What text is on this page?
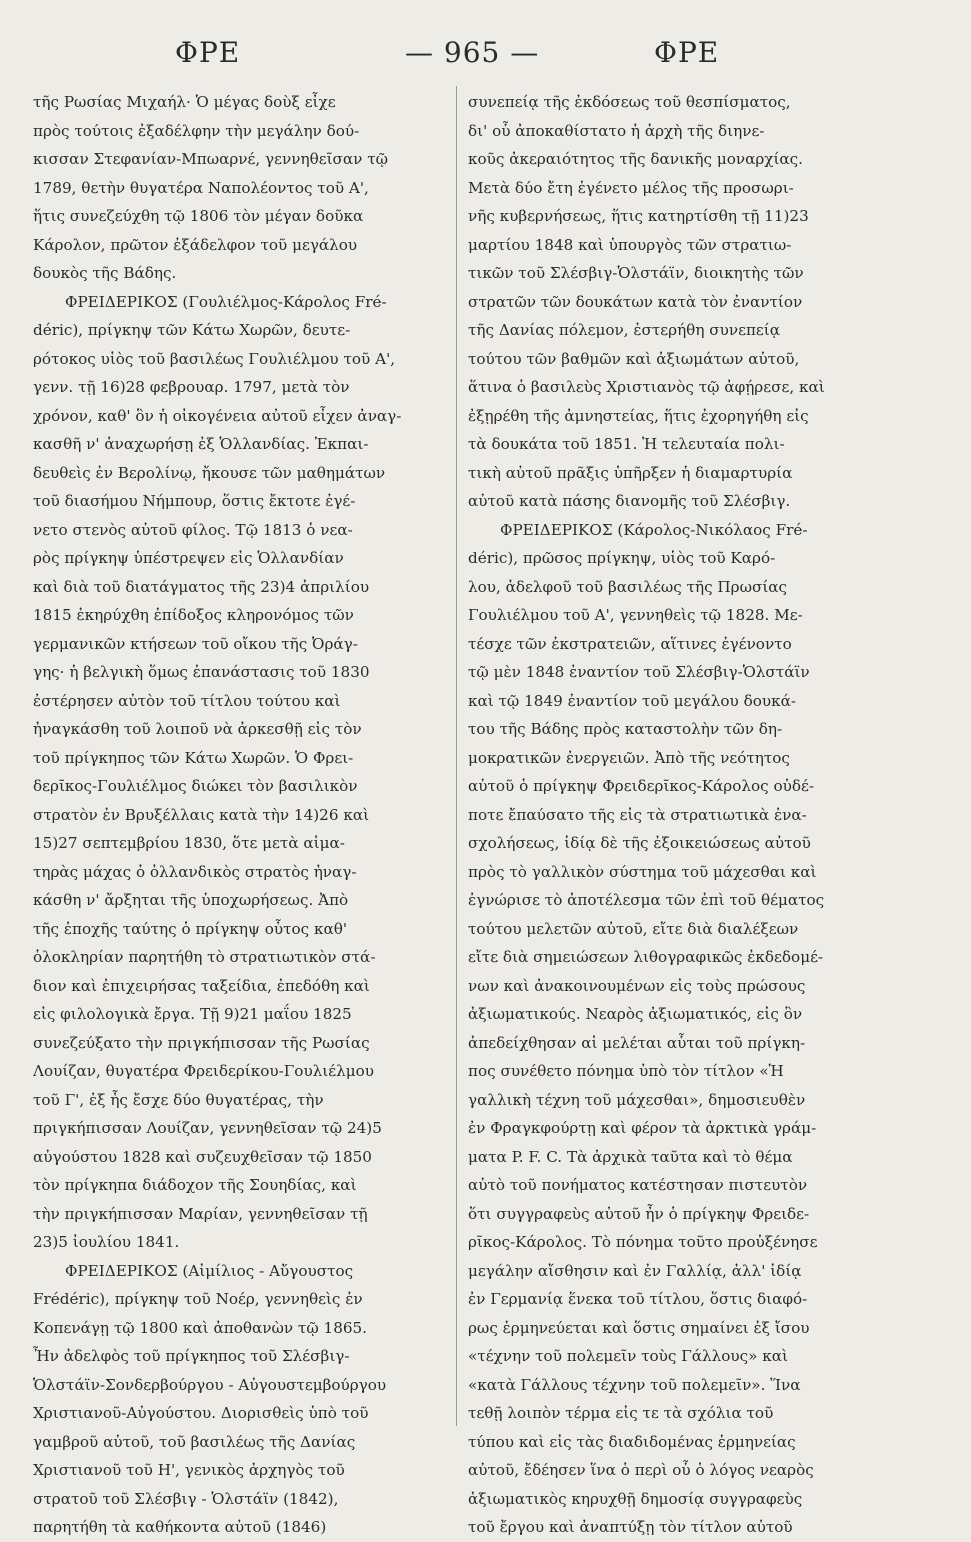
ΦΡΕ	— 965 —	ΦΡΕ
τῆς Ρωσίας Μιχαήλ· Ὁ μέγας δοὺξ εἶχε
πρὸς τούτοις ἐξαδέλφην τὴν μεγάλην δού-
κισσαν Στεφανίαν-Μπωαρνέ, γεννηθεῖσαν τῷ
1789, θετὴν θυγατέρα Ναπολέοντος τοῦ Α',
ἥτις συνεζεύχθη τῷ 1806 τὸν μέγαν δοῦκα
Κάρολον, πρῶτον ἐξάδελφον τοῦ μεγάλου
δουκὸς τῆς Βάδης.
ΦΡΕΙΔΕΡΙΚΟΣ (Γουλιέλμος-Κάρολος Fré-
déric), πρίγκηψ τῶν Κάτω Χωρῶν, δευτε-
ρότοκος υἱὸς τοῦ βασιλέως Γουλιέλμου τοῦ Α',
γενν. τῇ 16)28 φεβρουαρ. 1797, μετὰ τὸν
χρόνον, καθ' ὃν ἡ οἰκογένεια αὐτοῦ εἶχεν ἀναγ-
κασθῆ ν' ἀναχωρήσῃ ἐξ Ὁλλανδίας. Ἐκπαι-
δευθεὶς ἐν Βερολίνῳ, ἤκουσε τῶν μαθημάτων
τοῦ διασήμου Νήμπουρ, ὅστις ἔκτοτε ἐγέ-
νετο στενὸς αὐτοῦ φίλος. Τῷ 1813 ὁ νεα-
ρὸς πρίγκηψ ὑπέστρεψεν εἰς Ὁλλανδίαν
καὶ διὰ τοῦ διατάγματος τῆς 23)4 ἀπριλίου
1815 ἐκηρύχθη ἐπίδοξος κληρονόμος τῶν
γερμανικῶν κτήσεων τοῦ οἴκου τῆς Ὀράγ-
γης· ἡ βελγικὴ ὅμως ἐπανάστασις τοῦ 1830
ἐστέρησεν αὐτὸν τοῦ τίτλου τούτου καὶ
ἠναγκάσθη τοῦ λοιποῦ νὰ ἀρκεσθῇ εἰς τὸν
τοῦ πρίγκηπος τῶν Κάτω Χωρῶν. Ὁ Φρει-
δερῖκος-Γουλιέλμος διώκει τὸν βασιλικὸν
στρατὸν ἐν Βρυξέλλαις κατὰ τὴν 14)26 καὶ
15)27 σεπτεμβρίου 1830, ὅτε μετὰ αἱμα-
τηρὰς μάχας ὁ ὁλλανδικὸς στρατὸς ἠναγ-
κάσθη ν' ἄρξηται τῆς ὑποχωρήσεως. Ἀπὸ
τῆς ἐποχῆς ταύτης ὁ πρίγκηψ οὗτος καθ'
ὁλοκληρίαν παρητήθη τὸ στρατιωτικὸν στά-
διον καὶ ἐπιχειρήσας ταξείδια, ἐπεδόθη καὶ
εἰς φιλολογικὰ ἔργα. Τῇ 9)21 μαΐου 1825
συνεζεύξατο τὴν πριγκήπισσαν τῆς Ρωσίας
Λουίζαν, θυγατέρα Φρειδερίκου-Γουλιέλμου
τοῦ Γ', ἐξ ἧς ἔσχε δύο θυγατέρας, τὴν
πριγκήπισσαν Λουίζαν, γεννηθεῖσαν τῷ 24)5
αὐγούστου 1828 καὶ συζευχθεῖσαν τῷ 1850
τὸν πρίγκηπα διάδοχον τῆς Σουηδίας, καὶ
τὴν πριγκήπισσαν Μαρίαν, γεννηθεῖσαν τῇ
23)5 ἰουλίου 1841.
ΦΡΕΙΔΕΡΙΚΟΣ (Αἰμίλιος - Αὔγουστος
Frédéric), πρίγκηψ τοῦ Νοέρ, γεννηθεὶς ἐν
Κοπενάγῃ τῷ 1800 καὶ ἀποθανὼν τῷ 1865.
Ἦν ἀδελφὸς τοῦ πρίγκηπος τοῦ Σλέσβιγ-
Ὁλστάϊν-Σονδερβούργου - Αὐγουστεμβούργου
Χριστιανοῦ-Αὐγούστου. Διορισθεὶς ὑπὸ τοῦ
γαμβροῦ αὐτοῦ, τοῦ βασιλέως τῆς Δανίας
Χριστιανοῦ τοῦ Η', γενικὸς ἀρχηγὸς τοῦ
στρατοῦ τοῦ Σλέσβιγ - Ὁλστάϊν (1842),
παρητήθη τὰ καθήκοντα αὐτοῦ (1846)
συνεπείᾳ τῆς ἐκδόσεως τοῦ θεσπίσματος,
δι' οὗ ἀποκαθίστατο ἡ ἀρχὴ τῆς διηνε-
κοῦς ἀκεραιότητος τῆς δανικῆς μοναρχίας.
Μετὰ δύο ἔτη ἐγένετο μέλος τῆς προσωρι-
νῆς κυβερνήσεως, ἥτις κατηρτίσθη τῇ 11)23
μαρτίου 1848 καὶ ὑπουργὸς τῶν στρατιω-
τικῶν τοῦ Σλέσβιγ-Ὁλστάϊν, διοικητὴς τῶν
στρατῶν τῶν δουκάτων κατὰ τὸν ἐναντίον
τῆς Δανίας πόλεμον, ἐστερήθη συνεπείᾳ
τούτου τῶν βαθμῶν καὶ ἀξιωμάτων αὐτοῦ,
ἅτινα ὁ βασιλεὺς Χριστιανὸς τῷ ἀφῄρεσε, καὶ
ἐξῃρέθη τῆς ἀμνηστείας, ἥτις ἐχορηγήθη εἰς
τὰ δουκάτα τοῦ 1851. Ἡ τελευταία πολι-
τικὴ αὐτοῦ πρᾶξις ὑπῆρξεν ἡ διαμαρτυρία
αὐτοῦ κατὰ πάσης διανομῆς τοῦ Σλέσβιγ.
ΦΡΕΙΔΕΡΙΚΟΣ (Κάρολος-Νικόλαος Fré-
déric), πρῶσος πρίγκηψ, υἱὸς τοῦ Καρό-
λου, ἀδελφοῦ τοῦ βασιλέως τῆς Πρωσίας
Γουλιέλμου τοῦ Α', γεννηθεὶς τῷ 1828. Με-
τέσχε τῶν ἐκστρατειῶν, αἵτινες ἐγένοντο
τῷ μὲν 1848 ἐναντίον τοῦ Σλέσβιγ-Ὁλστάϊν
καὶ τῷ 1849 ἐναντίον τοῦ μεγάλου δουκά-
του τῆς Βάδης πρὸς καταστολὴν τῶν δη-
μοκρατικῶν ἐνεργειῶν. Ἀπὸ τῆς νεότητος
αὐτοῦ ὁ πρίγκηψ Φρειδερῖκος-Κάρολος οὐδέ-
ποτε ἔπαύσατο τῆς εἰς τὰ στρατιωτικὰ ἐνα-
σχολήσεως, ἰδίᾳ δὲ τῆς ἐξοικειώσεως αὐτοῦ
πρὸς τὸ γαλλικὸν σύστημα τοῦ μάχεσθαι καὶ
ἐγνώρισε τὸ ἀποτέλεσμα τῶν ἐπὶ τοῦ θέματος
τούτου μελετῶν αὐτοῦ, εἴτε διὰ διαλέξεων
εἴτε διὰ σημειώσεων λιθογραφικῶς ἐκδεδομέ-
νων καὶ ἀνακοινουμένων εἰς τοὺς πρώσους
ἀξιωματικούς. Νεαρὸς ἀξιωματικός, εἰς ὃν
ἀπεδείχθησαν αἱ μελέται αὗται τοῦ πρίγκη-
πος συνέθετο πόνημα ὑπὸ τὸν τίτλον «Ἡ
γαλλικὴ τέχνη τοῦ μάχεσθαι», δημοσιευθὲν
ἐν Φραγκφούρτῃ καὶ φέρον τὰ ἀρκτικὰ γράμ-
ματα P. F. C. Τὰ ἀρχικὰ ταῦτα καὶ τὸ θέμα
αὐτὸ τοῦ πονήματος κατέστησαν πιστευτὸν
ὅτι συγγραφεὺς αὐτοῦ ἦν ὁ πρίγκηψ Φρειδε-
ρῖκος-Κάρολος. Τὸ πόνημα τοῦτο προὐξένησε
μεγάλην αἴσθησιν καὶ ἐν Γαλλίᾳ, ἀλλ' ἰδίᾳ
ἐν Γερμανίᾳ ἕνεκα τοῦ τίτλου, ὅστις διαφό-
ρως ἑρμηνεύεται καὶ ὅστις σημαίνει ἐξ ἴσου
«τέχνην τοῦ πολεμεῖν τοὺς Γάλλους» καὶ
«κατὰ Γάλλους τέχνην τοῦ πολεμεῖν». Ἵνα
τεθῇ λοιπὸν τέρμα εἰς τε τὰ σχόλια τοῦ
τύπου καὶ εἰς τὰς διαδιδομένας ἑρμηνείας
αὐτοῦ, ἔδέησεν ἵνα ὁ περὶ οὗ ὁ λόγος νεαρὸς
ἀξιωματικὸς κηρυχθῇ δημοσίᾳ συγγραφεὺς
τοῦ ἔργου καὶ ἀναπτύξῃ τὸν τίτλον αὐτοῦ
